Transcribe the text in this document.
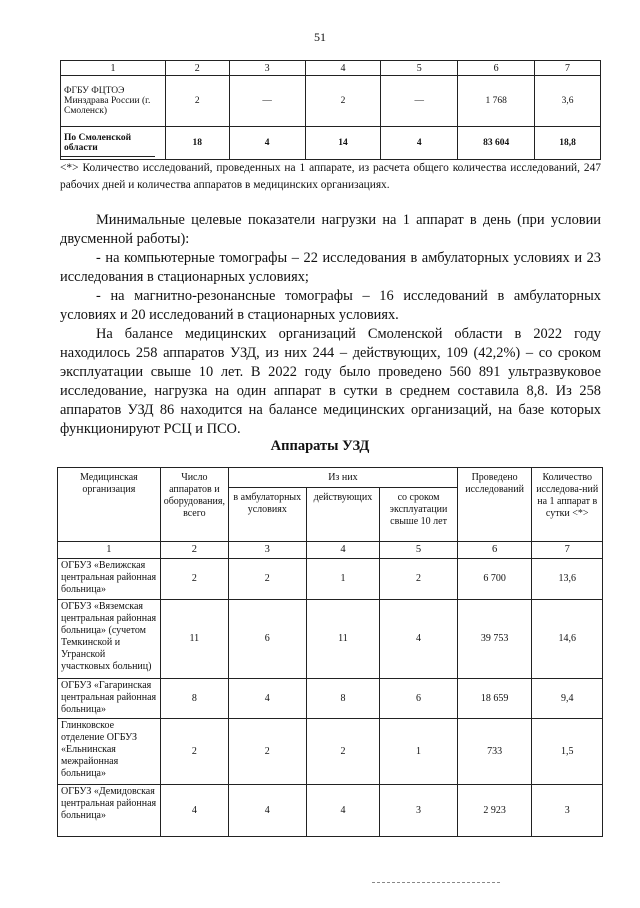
51
1	2	3	4	5	6	7
ФГБУ ФЦТОЭ Минздрава России (г. Смоленск)	2	—	2	—	1 768	3,6
По Смоленской области	18	4	14	4	83 604	18,8
<*> Количество исследований, проведенных на 1 аппарате, из расчета общего количества исследований, 247 рабочих дней и количества аппаратов в медицинских организациях.

Минимальные целевые показатели нагрузки на 1 аппарат в день (при условии двусменной работы):

- на компьютерные томографы – 22 исследования в амбулаторных условиях и 23 исследования в стационарных условиях;

- на магнитно-резонансные томографы – 16 исследований в амбулаторных условиях и 20 исследований в стационарных условиях.

На балансе медицинских организаций Смоленской области в 2022 году находилось 258 аппаратов УЗД, из них 244 – действующих, 109 (42,2%) – со сроком эксплуатации свыше 10 лет. В 2022 году было проведено 560 891 ультразвуковое исследование, нагрузка на один аппарат в сутки в среднем составила 8,8. Из 258 аппаратов УЗД 86 находится на балансе медицинских организаций, на базе которых функционируют РСЦ и ПСО.

Аппараты УЗД
Медицинская организация	Число аппаратов и оборудования, всего	Из них			Проведено исследований	Количество исследова-ний на 1 аппарат в сутки <*>
		в амбулаторных условиях	действующих	со сроком эксплуатации свыше 10 лет		
1	2	3	4	5	6	7
ОГБУЗ «Велижская центральная районная больница»	2	2	1	2	6 700	13,6
ОГБУЗ «Вяземская центральная районная больница» (сучетом Темкинской и Угранской участковых больниц)	11	6	11	4	39 753	14,6
ОГБУЗ «Гагаринская центральная районная больница»	8	4	8	6	18 659	9,4
Глинковское отделение ОГБУЗ «Ельнинская межрайонная больница»	2	2	2	1	733	1,5
ОГБУЗ «Демидовская центральная районная больница»	4	4	4	3	2 923	3
